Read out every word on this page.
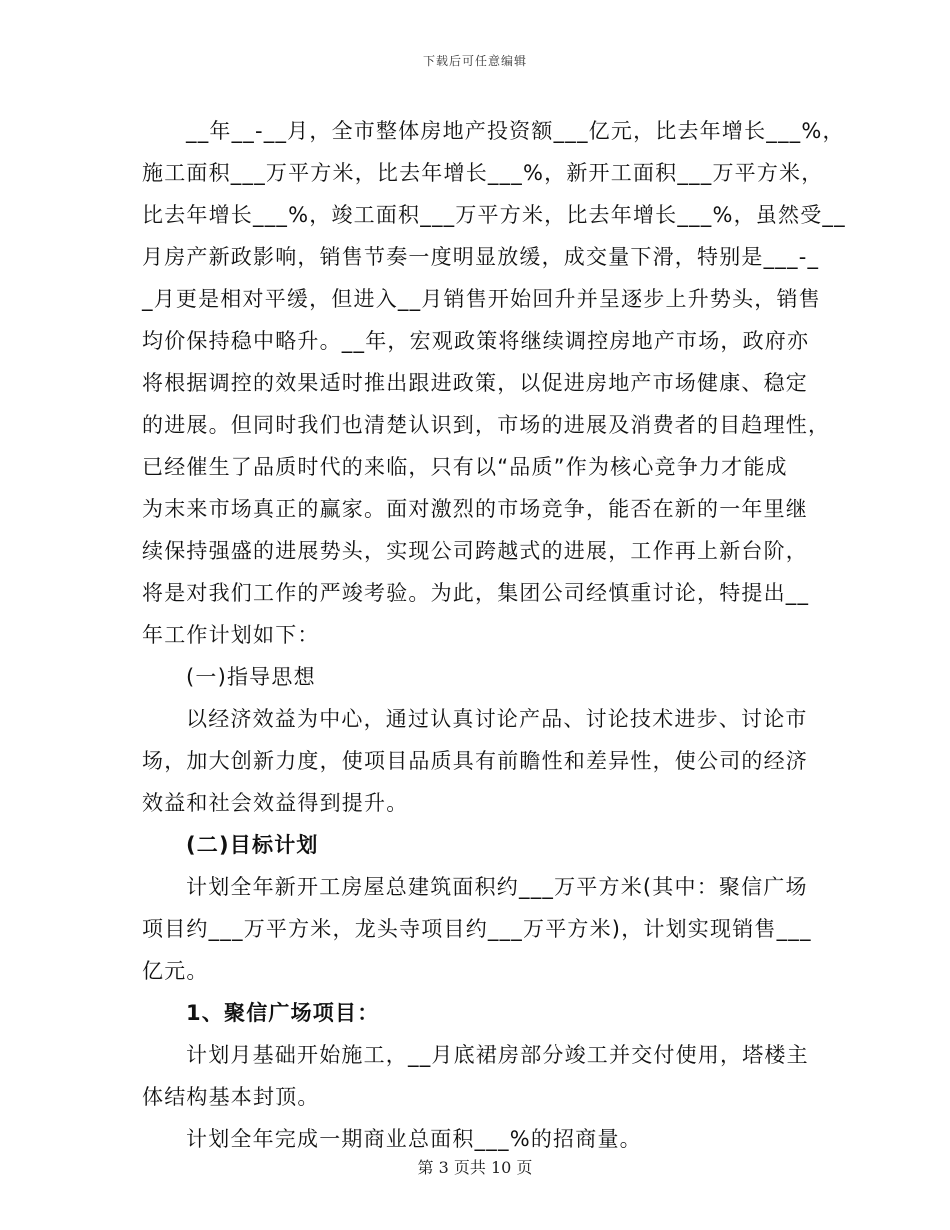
下载后可任意编辑
__年__-__月，全市整体房地产投资额___亿元，比去年增长___%，
施工面积___万平方米，比去年增长___%，新开工面积___万平方米，
比去年增长___%，竣工面积___万平方米，比去年增长___%，虽然受__
月房产新政影响，销售节奏一度明显放缓，成交量下滑，特别是___-_
_月更是相对平缓，但进入__月销售开始回升并呈逐步上升势头，销售
均价保持稳中略升。__年，宏观政策将继续调控房地产市场，政府亦
将根据调控的效果适时推出跟进政策，以促进房地产市场健康、稳定
的进展。但同时我们也清楚认识到，市场的进展及消费者的目趋理性，
已经催生了品质时代的来临，只有以“品质”作为核心竞争力才能成
为末来市场真正的赢家。面对激烈的市场竞争，能否在新的一年里继
续保持强盛的进展势头，实现公司跨越式的进展，工作再上新台阶，
将是对我们工作的严竣考验。为此，集团公司经慎重讨论，特提出__
年工作计划如下：
(一)指导思想
以经济效益为中心，通过认真讨论产品、讨论技术进步、讨论市
场，加大创新力度，使项目品质具有前瞻性和差异性，使公司的经济
效益和社会效益得到提升。
(二)目标计划
计划全年新开工房屋总建筑面积约___万平方米(其中：聚信广场
项目约___万平方米，龙头寺项目约___万平方米)，计划实现销售___
亿元。
1、聚信广场项目：
计划月基础开始施工，__月底裙房部分竣工并交付使用，塔楼主
体结构基本封顶。
计划全年完成一期商业总面积___%的招商量。
第 3 页共 10 页
